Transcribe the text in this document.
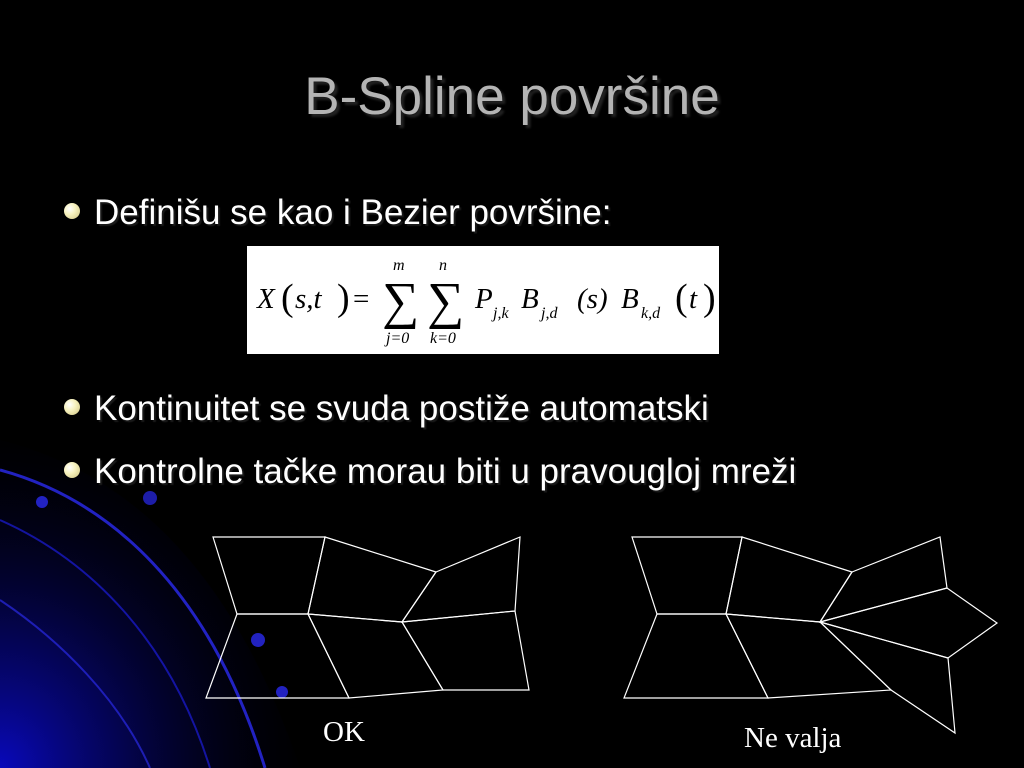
B-Spline površine
Definišu se kao i Bezier površine:
X ( s,t ) =
m
∑
j=0
n
∑
k=0
P j,k B j,d (s) B k,d ( t )
Kontinuitet se svuda postiže automatski
Kontrolne tačke morau biti u pravougloj mreži
OK	Ne valja
